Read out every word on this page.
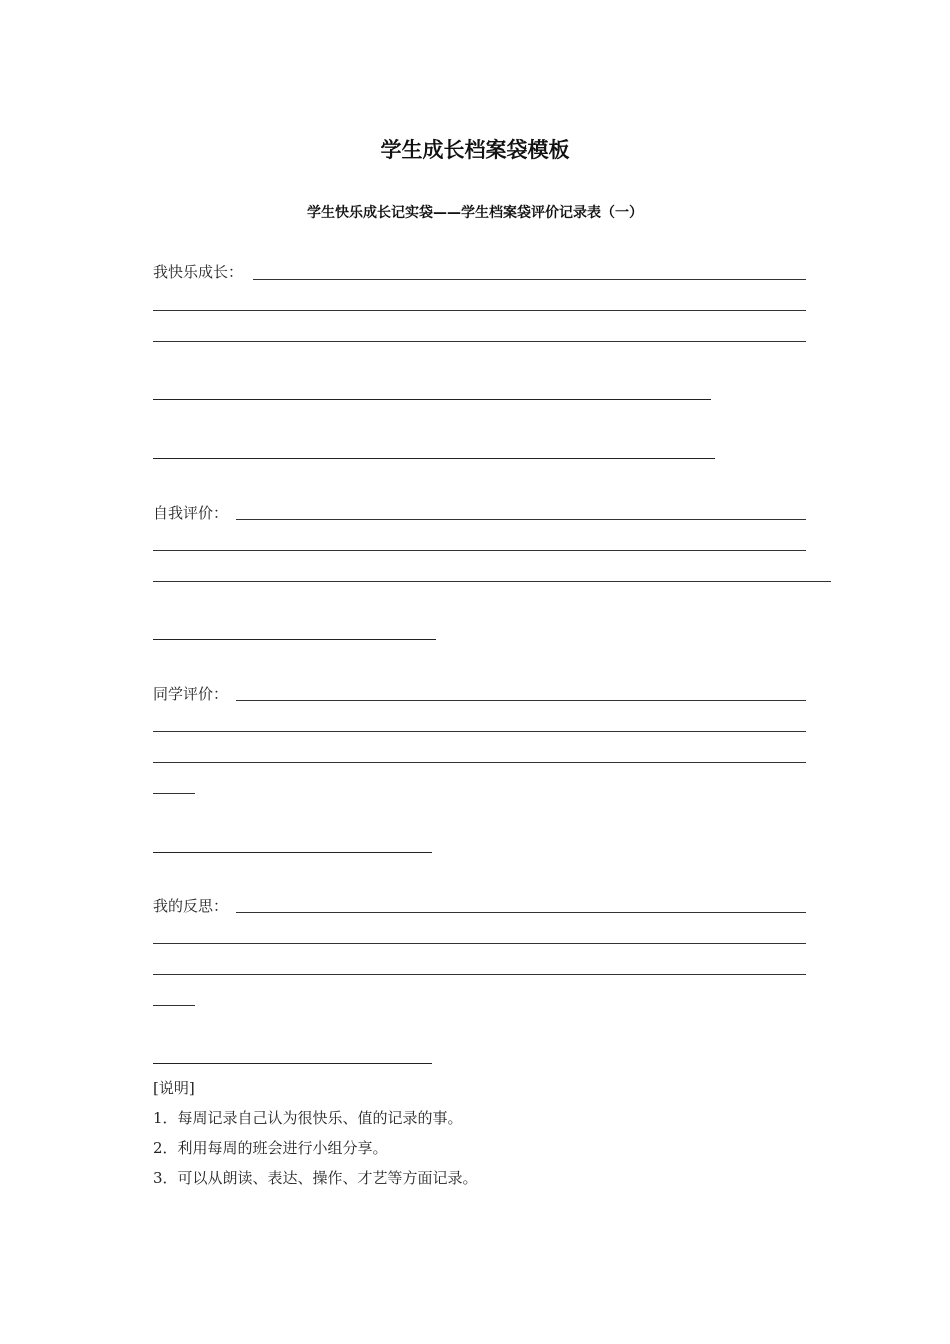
学生成长档案袋模板
学生快乐成长记实袋——学生档案袋评价记录表（一）
我快乐成长：
自我评价：
同学评价：
我的反思：
[说明]
1．每周记录自己认为很快乐、值的记录的事。
2．利用每周的班会进行小组分享。
3．可以从朗读、表达、操作、才艺等方面记录。
